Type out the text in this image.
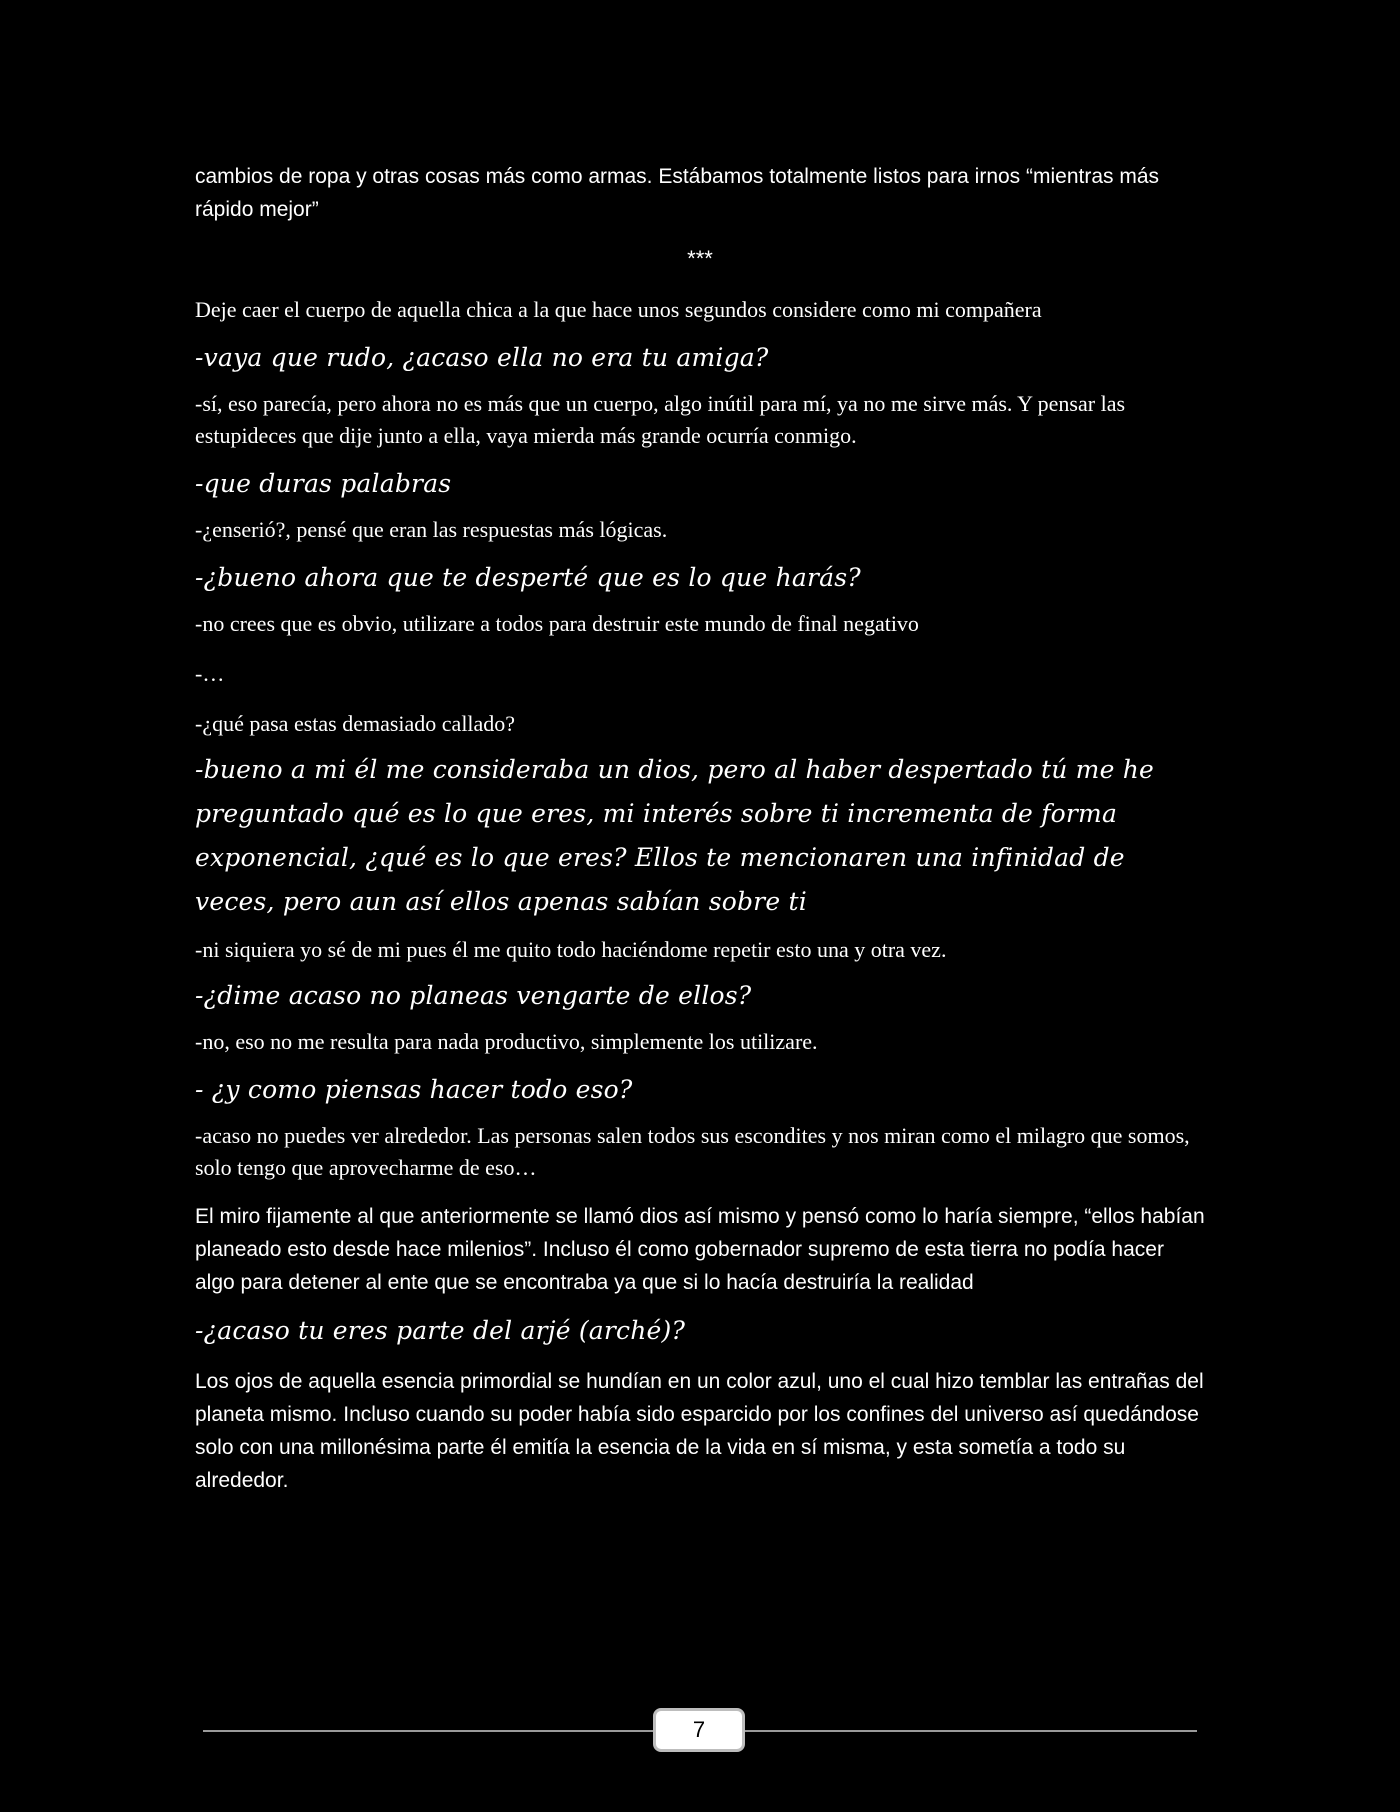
cambios de ropa y otras cosas más como armas. Estábamos totalmente listos para irnos “mientras más rápido mejor”

***

Deje caer el cuerpo de aquella chica a la que hace unos segundos considere como mi compañera

-vaya que rudo, ¿acaso ella no era tu amiga?

-sí, eso parecía, pero ahora no es más que un cuerpo, algo inútil para mí, ya no me sirve más. Y pensar las estupideces que dije junto a ella, vaya mierda más grande ocurría conmigo.

-que duras palabras

-¿enserió?, pensé que eran las respuestas más lógicas.

-¿bueno ahora que te desperté que es lo que harás?

-no crees que es obvio, utilizare a todos para destruir este mundo de final negativo

-…

-¿qué pasa estas demasiado callado?

-bueno a mi él me consideraba un dios, pero al haber despertado tú me he preguntado qué es lo que eres, mi interés sobre ti incrementa de forma exponencial, ¿qué es lo que eres? Ellos te mencionaren una infinidad de veces, pero aun así ellos apenas sabían sobre ti

-ni siquiera yo sé de mi pues él me quito todo haciéndome repetir esto una y otra vez.

-¿dime acaso no planeas vengarte de ellos?

-no, eso no me resulta para nada productivo, simplemente los utilizare.

- ¿y como piensas hacer todo eso?

-acaso no puedes ver alrededor. Las personas salen todos sus escondites y nos miran como el milagro que somos, solo tengo que aprovecharme de eso…

El miro fijamente al que anteriormente se llamó dios así mismo y pensó como lo haría siempre, “ellos habían planeado esto desde hace milenios”. Incluso él como gobernador supremo de esta tierra no podía hacer algo para detener al ente que se encontraba ya que si lo hacía destruiría la realidad

-¿acaso tu eres parte del arjé (arché)?

Los ojos de aquella esencia primordial se hundían en un color azul, uno el cual hizo temblar las entrañas del planeta mismo. Incluso cuando su poder había sido esparcido por los confines del universo así quedándose solo con una millonésima parte él emitía la esencia de la vida en sí misma, y esta sometía a todo su alrededor.

7
